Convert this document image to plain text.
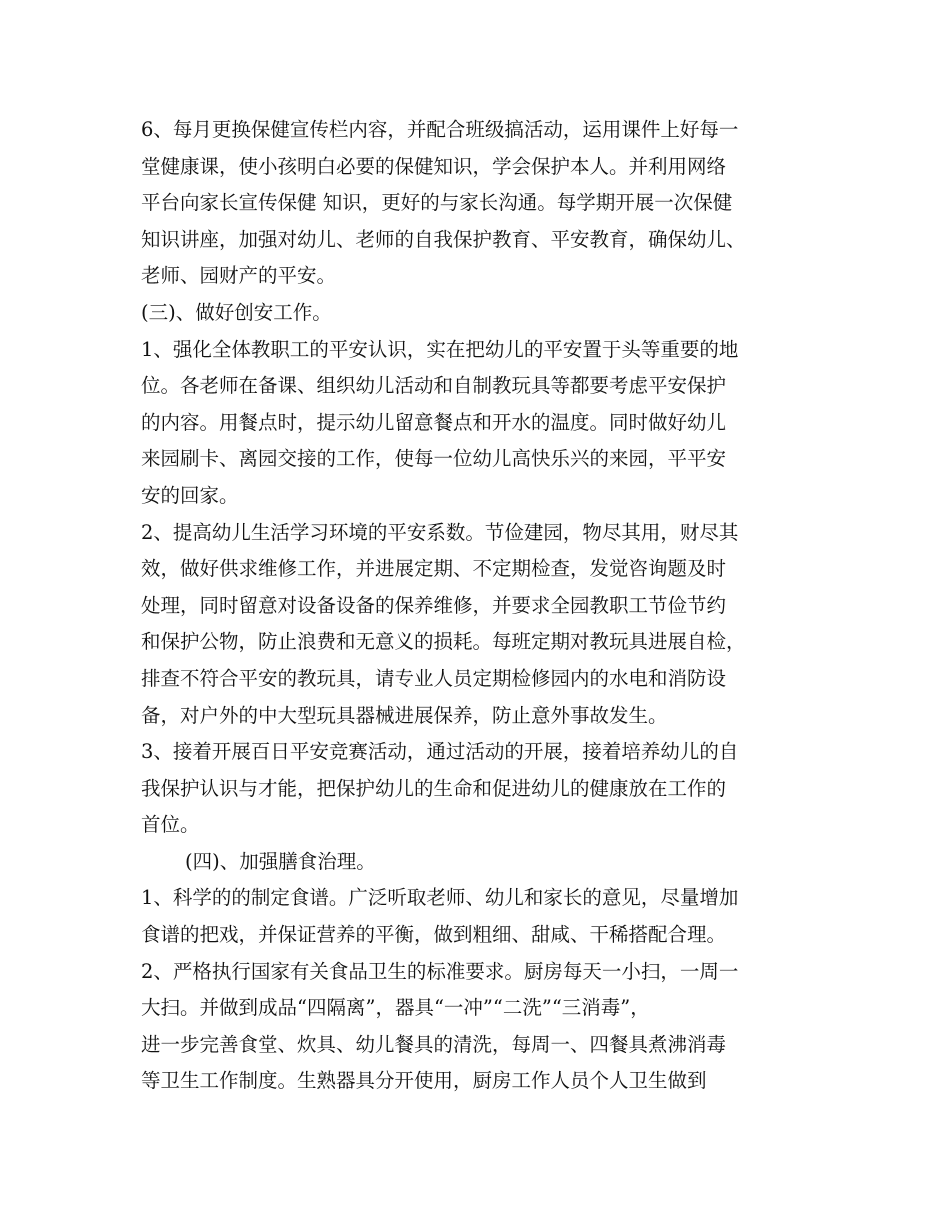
6、每月更换保健宣传栏内容，并配合班级搞活动，运用课件上好每一
堂健康课，使小孩明白必要的保健知识，学会保护本人。并利用网络
平台向家长宣传保健 知识，更好的与家长沟通。每学期开展一次保健
知识讲座，加强对幼儿、老师的自我保护教育、平安教育，确保幼儿、
老师、园财产的平安。
(三)、做好创安工作。
1、强化全体教职工的平安认识，实在把幼儿的平安置于头等重要的地
位。各老师在备课、组织幼儿活动和自制教玩具等都要考虑平安保护
的内容。用餐点时，提示幼儿留意餐点和开水的温度。同时做好幼儿
来园刷卡、离园交接的工作，使每一位幼儿高快乐兴的来园，平平安
安的回家。
2、提高幼儿生活学习环境的平安系数。节俭建园，物尽其用，财尽其
效，做好供求维修工作，并进展定期、不定期检查，发觉咨询题及时
处理，同时留意对设备设备的保养维修，并要求全园教职工节俭节约
和保护公物，防止浪费和无意义的损耗。每班定期对教玩具进展自检，
排查不符合平安的教玩具，请专业人员定期检修园内的水电和消防设
备，对户外的中大型玩具器械进展保养，防止意外事故发生。
3、接着开展百日平安竞赛活动，通过活动的开展，接着培养幼儿的自
我保护认识与才能，把保护幼儿的生命和促进幼儿的健康放在工作的
首位。
(四)、加强膳食治理。
1、科学的的制定食谱。广泛听取老师、幼儿和家长的意见，尽量增加
食谱的把戏，并保证营养的平衡，做到粗细、甜咸、干稀搭配合理。
2、严格执行国家有关食品卫生的标准要求。厨房每天一小扫，一周一
大扫。并做到成品“四隔离”，器具“一冲”“二洗”“三消毒”，
进一步完善食堂、炊具、幼儿餐具的清洗，每周一、四餐具煮沸消毒
等卫生工作制度。生熟器具分开使用，厨房工作人员个人卫生做到
